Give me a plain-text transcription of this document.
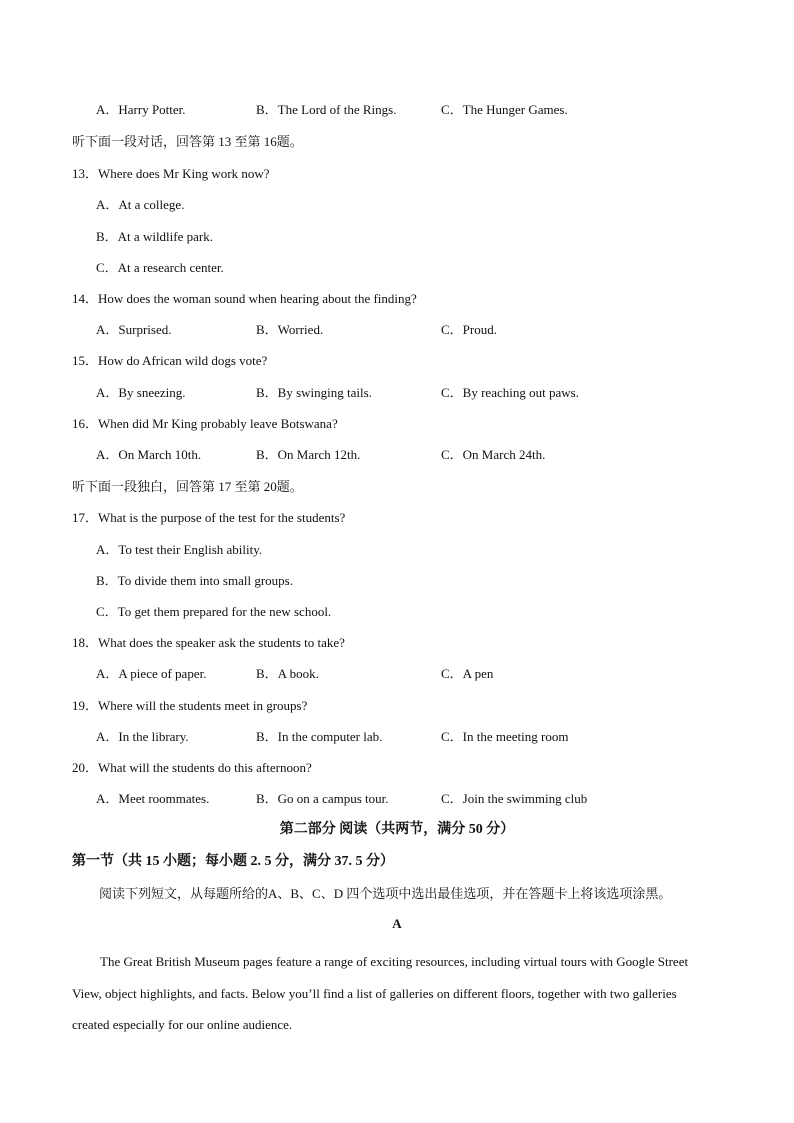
A．Harry Potter.	B．The Lord of the Rings.	C．The Hunger Games.
听下面一段对话，回答第 13 至第 16题。
13．Where does Mr King work now?
A．At a college.
B．At a wildlife park.
C．At a research center.
14．How does the woman sound when hearing about the finding?
A．Surprised.	B．Worried.	C．Proud.
15．How do African wild dogs vote?
A．By sneezing.	B．By swinging tails.	C．By reaching out paws.
16．When did Mr King probably leave Botswana?
A．On March 10th.	B．On March 12th.	C．On March 24th.
听下面一段独白，回答第 17 至第 20题。
17．What is the purpose of the test for the students?
A．To test their English ability.
B．To divide them into small groups.
C．To get them prepared for the new school.
18．What does the speaker ask the students to take?
A．A piece of paper.	B．A book.	C．A pen
19．Where will the students meet in groups?
A．In the library.	B．In the computer lab.	C．In the meeting room
20．What will the students do this afternoon?
A．Meet roommates.	B．Go on a campus tour.	C．Join the swimming club
第二部分 阅读（共两节，满分 50 分）
第一节（共 15 小题；每小题 2. 5 分，满分 37. 5 分）
阅读下列短文，从每题所给的A、B、C、D 四个选项中选出最佳选项，并在答题卡上将该选项涂黑。
A
The Great British Museum pages feature a range of exciting resources, including virtual tours with Google Street View, object highlights, and facts. Below you’ll find a list of galleries on different floors, together with two galleries created especially for our online audience.
